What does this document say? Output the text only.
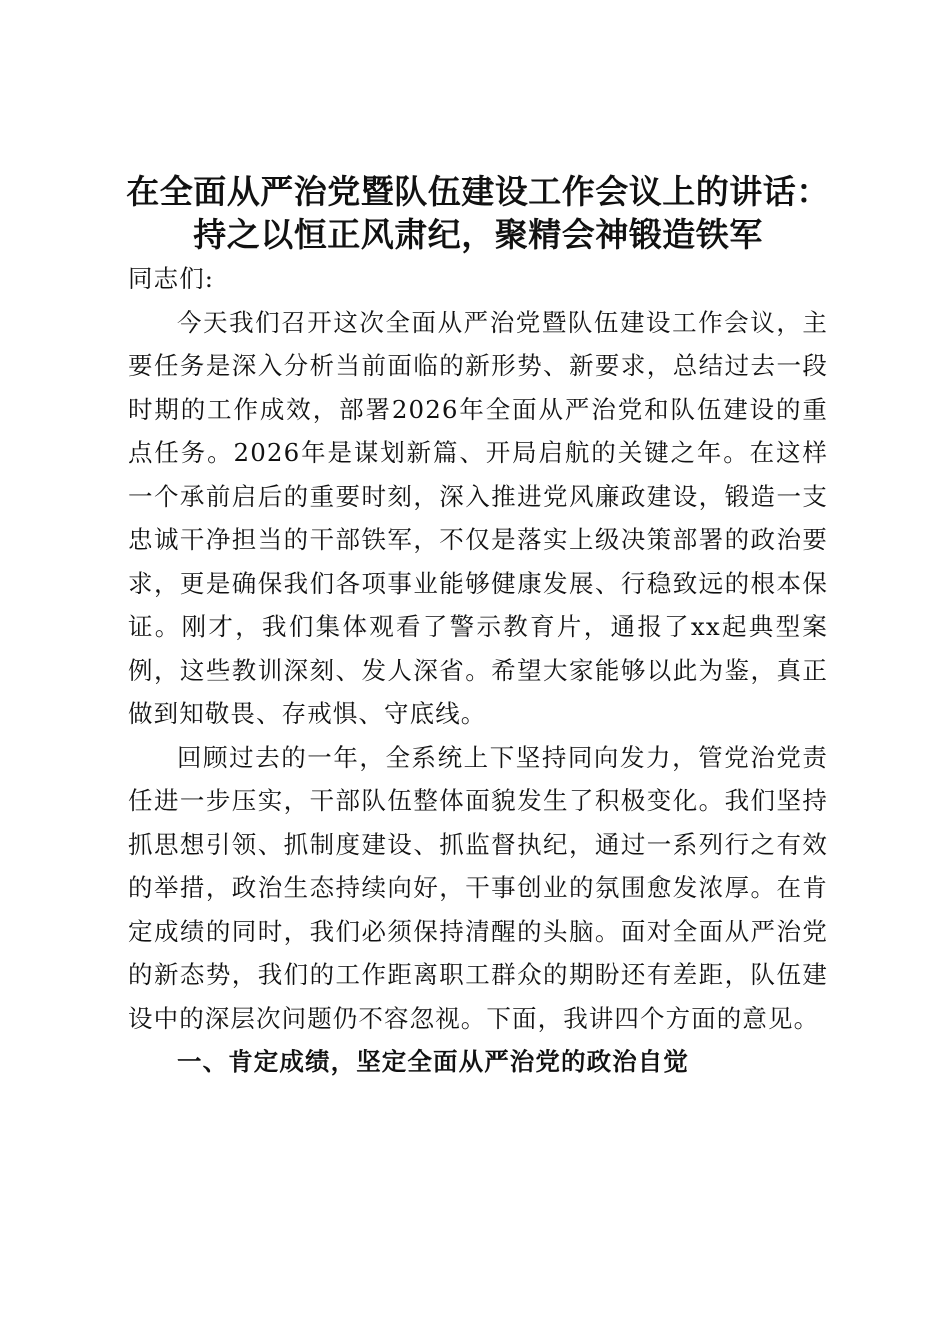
在全面从严治党暨队伍建设工作会议上的讲话：持之以恒正风肃纪，聚精会神锻造铁军

同志们:

今天我们召开这次全面从严治党暨队伍建设工作会议，主要任务是深入分析当前面临的新形势、新要求，总结过去一段时期的工作成效，部署2026年全面从严治党和队伍建设的重点任务。2026年是谋划新篇、开局启航的关键之年。在这样一个承前启后的重要时刻，深入推进党风廉政建设，锻造一支忠诚干净担当的干部铁军，不仅是落实上级决策部署的政治要求，更是确保我们各项事业能够健康发展、行稳致远的根本保证。刚才，我们集体观看了警示教育片，通报了xx起典型案例，这些教训深刻、发人深省。希望大家能够以此为鉴，真正做到知敬畏、存戒惧、守底线。

回顾过去的一年，全系统上下坚持同向发力，管党治党责任进一步压实，干部队伍整体面貌发生了积极变化。我们坚持抓思想引领、抓制度建设、抓监督执纪，通过一系列行之有效的举措，政治生态持续向好，干事创业的氛围愈发浓厚。在肯定成绩的同时，我们必须保持清醒的头脑。面对全面从严治党的新态势，我们的工作距离职工群众的期盼还有差距，队伍建设中的深层次问题仍不容忽视。下面，我讲四个方面的意见。

一、肯定成绩，坚定全面从严治党的政治自觉
